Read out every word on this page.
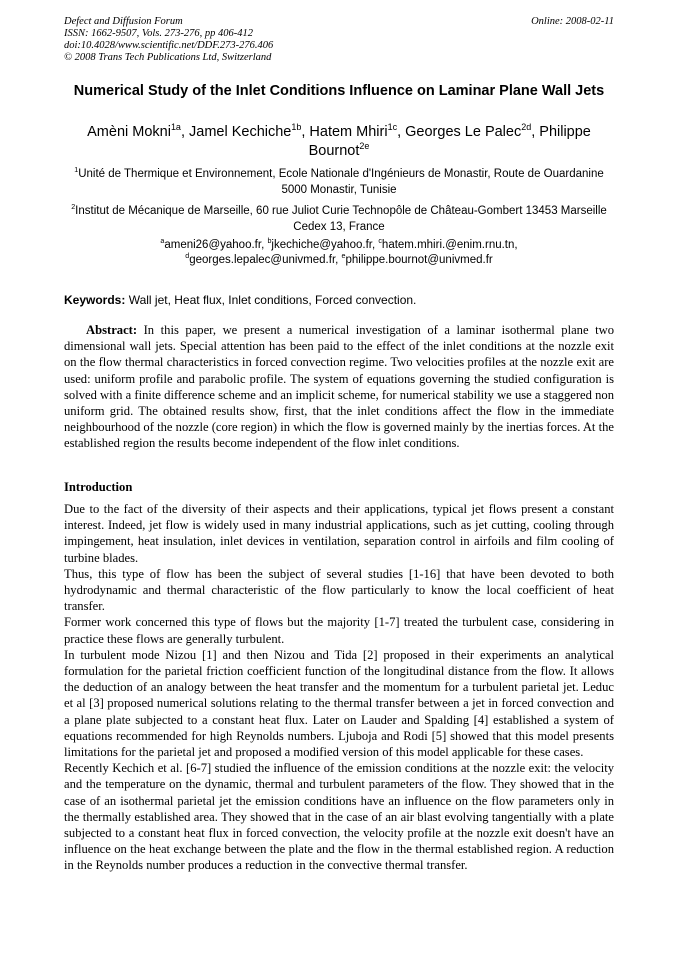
Defect and Diffusion Forum
ISSN: 1662-9507, Vols. 273-276, pp 406-412
doi:10.4028/www.scientific.net/DDF.273-276.406
© 2008 Trans Tech Publications Ltd, Switzerland
Online: 2008-02-11
Numerical Study of the Inlet Conditions Influence on Laminar Plane Wall Jets
Amèni Mokni$^{1a}$, Jamel Kechiche$^{1b}$, Hatem Mhiri$^{1c}$, Georges Le Palec$^{2d}$, Philippe Bournot$^{2e}$
$^1$Unité de Thermique et Environnement, Ecole Nationale d'Ingénieurs de Monastir, Route de Ouardanine 5000 Monastir, Tunisie
$^2$Institut de Mécanique de Marseille, 60 rue Juliot Curie Technopôle de Château-Gombert 13453 Marseille Cedex 13, France
$^a$ameni26@yahoo.fr, $^b$jkechiche@yahoo.fr, $^c$hatem.mhiri.@enim.rnu.tn,
$^d$georges.lepalec@univmed.fr, $^e$philippe.bournot@univmed.fr
Keywords: Wall jet, Heat flux, Inlet conditions, Forced convection.

Abstract: In this paper, we present a numerical investigation of a laminar isothermal plane two dimensional wall jets. Special attention has been paid to the effect of the inlet conditions at the nozzle exit on the flow thermal characteristics in forced convection regime. Two velocities profiles at the nozzle exit are used: uniform profile and parabolic profile. The system of equations governing the studied configuration is solved with a finite difference scheme and an implicit scheme, for numerical stability we use a staggered non uniform grid. The obtained results show, first, that the inlet conditions affect the flow in the immediate neighbourhood of the nozzle (core region) in which the flow is governed mainly by the inertias forces. At the established region the results become independent of the flow inlet conditions.

Introduction

Due to the fact of the diversity of their aspects and their applications, typical jet flows present a constant interest. Indeed, jet flow is widely used in many industrial applications, such as jet cutting, cooling through impingement, heat insulation, inlet devices in ventilation, separation control in airfoils and film cooling of turbine blades.

Thus, this type of flow has been the subject of several studies [1-16] that have been devoted to both hydrodynamic and thermal characteristic of the flow particularly to know the local coefficient of heat transfer.

Former work concerned this type of flows but the majority [1-7] treated the turbulent case, considering in practice these flows are generally turbulent.

In turbulent mode Nizou [1] and then Nizou and Tida [2] proposed in their experiments an analytical formulation for the parietal friction coefficient function of the longitudinal distance from the flow. It allows the deduction of an analogy between the heat transfer and the momentum for a turbulent parietal jet. Leduc et al [3] proposed numerical solutions relating to the thermal transfer between a jet in forced convection and a plane plate subjected to a constant heat flux. Later on Lauder and Spalding [4] established a system of equations recommended for high Reynolds numbers. Ljuboja and Rodi [5] showed that this model presents limitations for the parietal jet and proposed a modified version of this model applicable for these cases.

Recently Kechich et al. [6-7] studied the influence of the emission conditions at the nozzle exit: the velocity and the temperature on the dynamic, thermal and turbulent parameters of the flow. They showed that in the case of an isothermal parietal jet the emission conditions have an influence on the flow parameters only in the thermally established area. They showed that in the case of an air blast evolving tangentially with a plate subjected to a constant heat flux in forced convection, the velocity profile at the nozzle exit doesn't have an influence on the heat exchange between the plate and the flow in the thermal established region. A reduction in the Reynolds number produces a reduction in the convective thermal transfer.
